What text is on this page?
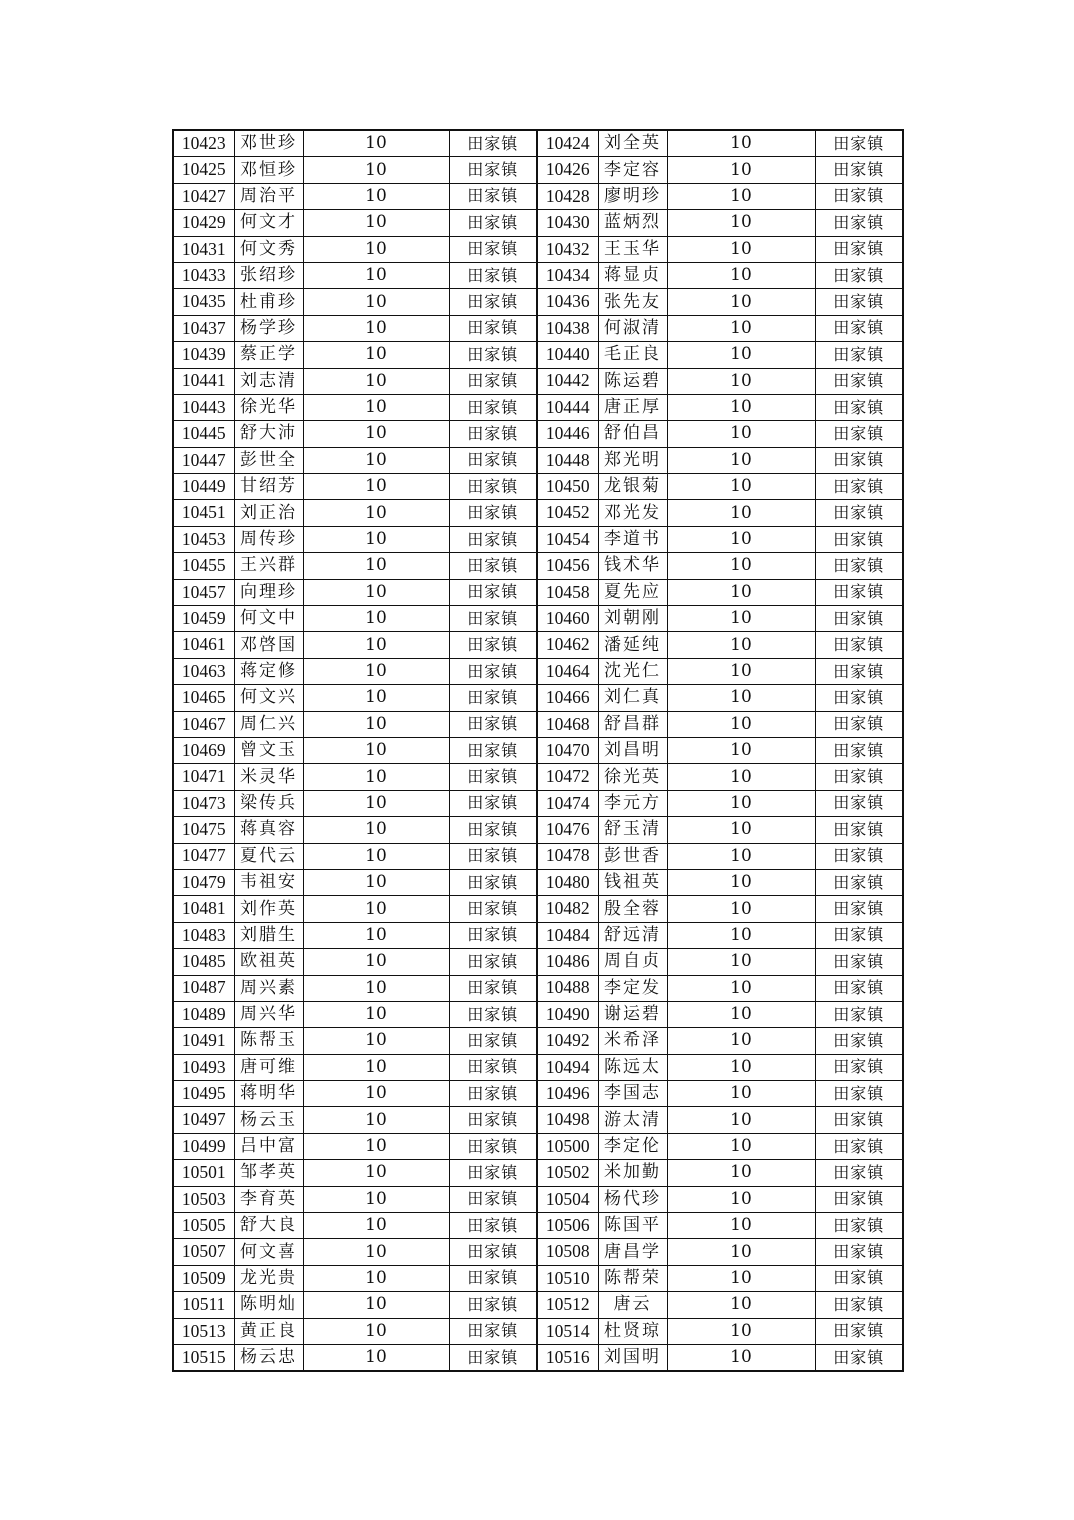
10423	邓世珍	10	田家镇	10424	刘全英	10	田家镇
10425	邓恒珍	10	田家镇	10426	李定容	10	田家镇
10427	周治平	10	田家镇	10428	廖明珍	10	田家镇
10429	何文才	10	田家镇	10430	蓝炳烈	10	田家镇
10431	何文秀	10	田家镇	10432	王玉华	10	田家镇
10433	张绍珍	10	田家镇	10434	蒋显贞	10	田家镇
10435	杜甫珍	10	田家镇	10436	张先友	10	田家镇
10437	杨学珍	10	田家镇	10438	何淑清	10	田家镇
10439	蔡正学	10	田家镇	10440	毛正良	10	田家镇
10441	刘志清	10	田家镇	10442	陈运碧	10	田家镇
10443	徐光华	10	田家镇	10444	唐正厚	10	田家镇
10445	舒大沛	10	田家镇	10446	舒伯昌	10	田家镇
10447	彭世全	10	田家镇	10448	郑光明	10	田家镇
10449	甘绍芳	10	田家镇	10450	龙银菊	10	田家镇
10451	刘正治	10	田家镇	10452	邓光发	10	田家镇
10453	周传珍	10	田家镇	10454	李道书	10	田家镇
10455	王兴群	10	田家镇	10456	钱术华	10	田家镇
10457	向理珍	10	田家镇	10458	夏先应	10	田家镇
10459	何文中	10	田家镇	10460	刘朝刚	10	田家镇
10461	邓啓国	10	田家镇	10462	潘延纯	10	田家镇
10463	蒋定修	10	田家镇	10464	沈光仁	10	田家镇
10465	何文兴	10	田家镇	10466	刘仁真	10	田家镇
10467	周仁兴	10	田家镇	10468	舒昌群	10	田家镇
10469	曾文玉	10	田家镇	10470	刘昌明	10	田家镇
10471	米灵华	10	田家镇	10472	徐光英	10	田家镇
10473	梁传兵	10	田家镇	10474	李元方	10	田家镇
10475	蒋真容	10	田家镇	10476	舒玉清	10	田家镇
10477	夏代云	10	田家镇	10478	彭世香	10	田家镇
10479	韦祖安	10	田家镇	10480	钱祖英	10	田家镇
10481	刘作英	10	田家镇	10482	殷全蓉	10	田家镇
10483	刘腊生	10	田家镇	10484	舒远清	10	田家镇
10485	欧祖英	10	田家镇	10486	周自贞	10	田家镇
10487	周兴素	10	田家镇	10488	李定发	10	田家镇
10489	周兴华	10	田家镇	10490	谢运碧	10	田家镇
10491	陈帮玉	10	田家镇	10492	米希泽	10	田家镇
10493	唐可维	10	田家镇	10494	陈远太	10	田家镇
10495	蒋明华	10	田家镇	10496	李国志	10	田家镇
10497	杨云玉	10	田家镇	10498	游太清	10	田家镇
10499	吕中富	10	田家镇	10500	李定伦	10	田家镇
10501	邹孝英	10	田家镇	10502	米加勤	10	田家镇
10503	李育英	10	田家镇	10504	杨代珍	10	田家镇
10505	舒大良	10	田家镇	10506	陈国平	10	田家镇
10507	何文喜	10	田家镇	10508	唐昌学	10	田家镇
10509	龙光贵	10	田家镇	10510	陈帮荣	10	田家镇
10511	陈明灿	10	田家镇	10512	唐云	10	田家镇
10513	黄正良	10	田家镇	10514	杜贤琼	10	田家镇
10515	杨云忠	10	田家镇	10516	刘国明	10	田家镇
